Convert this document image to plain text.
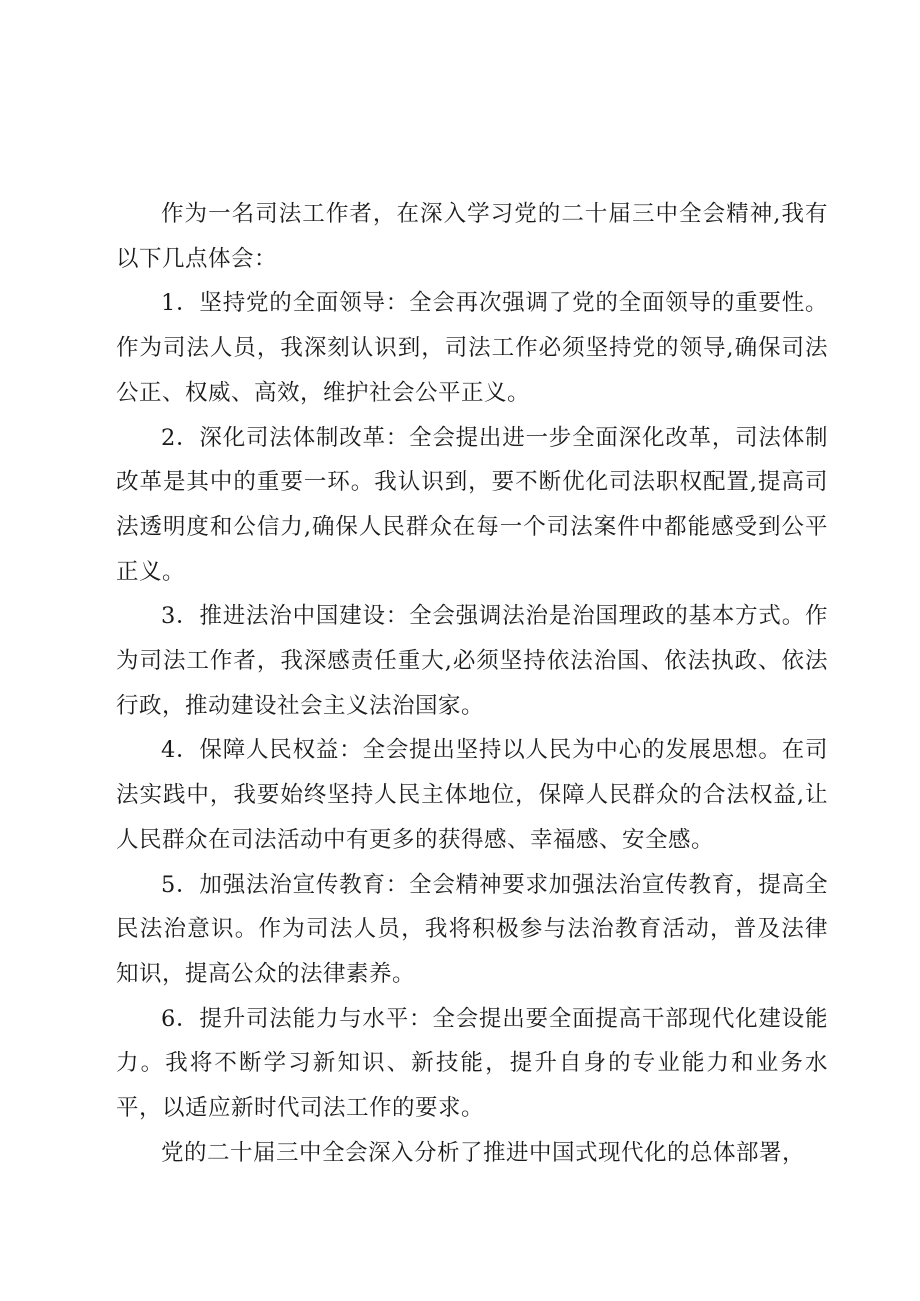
作为一名司法工作者，在深入学习党的二十届三中全会精神,我有以下几点体会：

1．坚持党的全面领导：全会再次强调了党的全面领导的重要性。作为司法人员，我深刻认识到，司法工作必须坚持党的领导,确保司法公正、权威、高效，维护社会公平正义。

2．深化司法体制改革：全会提出进一步全面深化改革，司法体制改革是其中的重要一环。我认识到，要不断优化司法职权配置,提高司法透明度和公信力,确保人民群众在每一个司法案件中都能感受到公平正义。

3．推进法治中国建设：全会强调法治是治国理政的基本方式。作为司法工作者，我深感责任重大,必须坚持依法治国、依法执政、依法行政，推动建设社会主义法治国家。

4．保障人民权益：全会提出坚持以人民为中心的发展思想。在司法实践中，我要始终坚持人民主体地位，保障人民群众的合法权益,让人民群众在司法活动中有更多的获得感、幸福感、安全感。

5．加强法治宣传教育：全会精神要求加强法治宣传教育，提高全民法治意识。作为司法人员，我将积极参与法治教育活动，普及法律知识，提高公众的法律素养。

6．提升司法能力与水平：全会提出要全面提高干部现代化建设能力。我将不断学习新知识、新技能，提升自身的专业能力和业务水平，以适应新时代司法工作的要求。

党的二十届三中全会深入分析了推进中国式现代化的总体部署，
